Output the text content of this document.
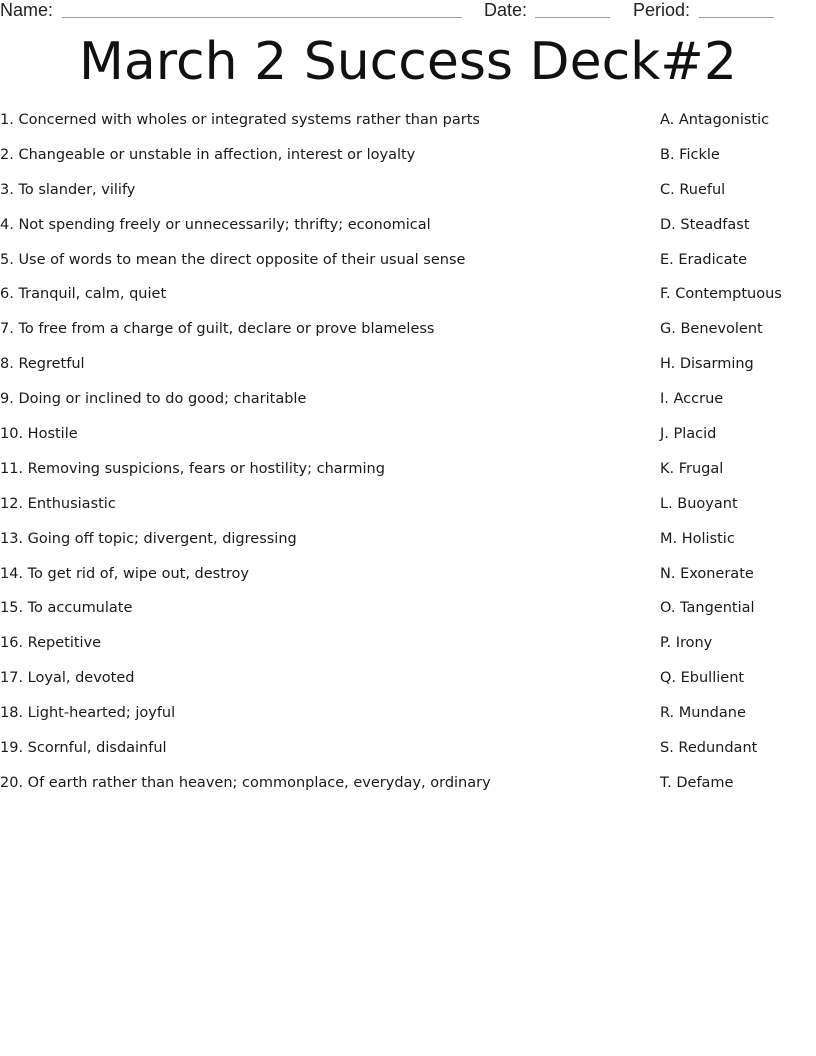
Name:	Date:	Period:
March 2 Success Deck#2
1. Concerned with wholes or integrated systems rather than parts	A. Antagonistic
2. Changeable or unstable in affection, interest or loyalty	B. Fickle
3. To slander, vilify	C. Rueful
4. Not spending freely or unnecessarily; thrifty; economical	D. Steadfast
5. Use of words to mean the direct opposite of their usual sense	E. Eradicate
6. Tranquil, calm, quiet	F. Contemptuous
7. To free from a charge of guilt, declare or prove blameless	G. Benevolent
8. Regretful	H. Disarming
9. Doing or inclined to do good; charitable	I. Accrue
10. Hostile	J. Placid
11. Removing suspicions, fears or hostility; charming	K. Frugal
12. Enthusiastic	L. Buoyant
13. Going off topic; divergent, digressing	M. Holistic
14. To get rid of, wipe out, destroy	N. Exonerate
15. To accumulate	O. Tangential
16. Repetitive	P. Irony
17. Loyal, devoted	Q. Ebullient
18. Light-hearted; joyful	R. Mundane
19. Scornful, disdainful	S. Redundant
20. Of earth rather than heaven; commonplace, everyday, ordinary	T. Defame
